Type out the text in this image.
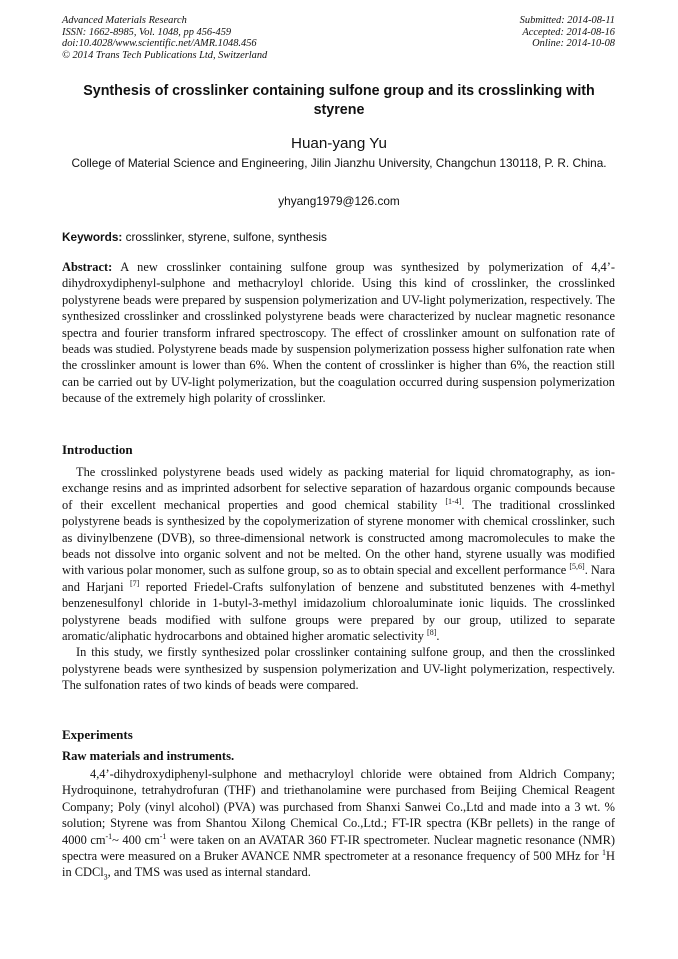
Advanced Materials Research
ISSN: 1662-8985, Vol. 1048, pp 456-459
doi:10.4028/www.scientific.net/AMR.1048.456
© 2014 Trans Tech Publications Ltd, Switzerland
Submitted: 2014-08-11
Accepted: 2014-08-16
Online: 2014-10-08
Synthesis of crosslinker containing sulfone group and its crosslinking with styrene
Huan-yang Yu
College of Material Science and Engineering, Jilin Jianzhu University, Changchun 130118, P. R. China.
yhyang1979@126.com
Keywords: crosslinker, styrene, sulfone, synthesis
Abstract: A new crosslinker containing sulfone group was synthesized by polymerization of 4,4’-dihydroxydiphenyl-sulphone and methacryloyl chloride. Using this kind of crosslinker, the crosslinked polystyrene beads were prepared by suspension polymerization and UV-light polymerization, respectively. The synthesized crosslinker and crosslinked polystyrene beads were characterized by nuclear magnetic resonance spectra and fourier transform infrared spectroscopy. The effect of crosslinker amount on sulfonation rate of beads was studied. Polystyrene beads made by suspension polymerization possess higher sulfonation rate when the crosslinker amount is lower than 6%. When the content of crosslinker is higher than 6%, the reaction still can be carried out by UV-light polymerization, but the coagulation occurred during suspension polymerization because of the extremely high polarity of crosslinker.
Introduction

The crosslinked polystyrene beads used widely as packing material for liquid chromatography, as ion-exchange resins and as imprinted adsorbent for selective separation of hazardous organic compounds because of their excellent mechanical properties and good chemical stability [1-4]. The traditional crosslinked polystyrene beads is synthesized by the copolymerization of styrene monomer with chemical crosslinker, such as divinylbenzene (DVB), so three-dimensional network is constructed among macromolecules to make the beads not dissolve into organic solvent and not be melted. On the other hand, styrene usually was modified with various polar monomer, such as sulfone group, so as to obtain special and excellent performance [5,6]. Nara and Harjani [7] reported Friedel-Crafts sulfonylation of benzene and substituted benzenes with 4-methyl benzenesulfonyl chloride in 1-butyl-3-methyl imidazolium chloroaluminate ionic liquids. The crosslinked polystyrene beads modified with sulfone groups were prepared by our group, utilized to separate aromatic/aliphatic hydrocarbons and obtained higher aromatic selectivity [8].

In this study, we firstly synthesized polar crosslinker containing sulfone group, and then the crosslinked polystyrene beads were synthesized by suspension polymerization and UV-light polymerization, respectively. The sulfonation rates of two kinds of beads were compared.

Experiments
Raw materials and instruments.

4,4’-dihydroxydiphenyl-sulphone and methacryloyl chloride were obtained from Aldrich Company; Hydroquinone, tetrahydrofuran (THF) and triethanolamine were purchased from Beijing Chemical Reagent Company; Poly (vinyl alcohol) (PVA) was purchased from Shanxi Sanwei Co.,Ltd and made into a 3 wt. % solution; Styrene was from Shantou Xilong Chemical Co.,Ltd.; FT-IR spectra (KBr pellets) in the range of 4000 $cm^{-1}\sim$ 400 $cm^{-1}$ were taken on an AVATAR 360 FT-IR spectrometer. Nuclear magnetic resonance (NMR) spectra were measured on a Bruker AVANCE NMR spectrometer at a resonance frequency of 500 MHz for $^1$H in CDCl$_3$, and TMS was used as internal standard.
